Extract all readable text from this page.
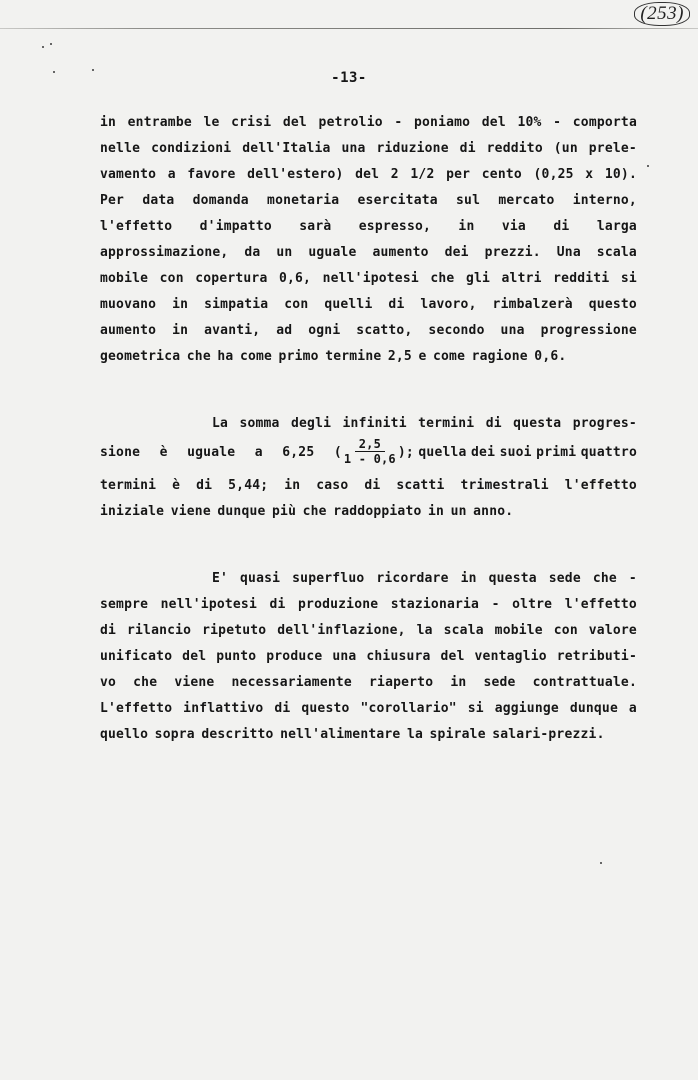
(253)
-13-
in entrambe le crisi del petrolio - poniamo del 10% - comporta
nelle condizioni dell'Italia una riduzione di reddito (un prele-
vamento a favore dell'estero) del 2 1/2 per cento (0,25 x 10).
Per data domanda monetaria esercitata sul mercato interno,
l'effetto d'impatto sarà espresso, in via di larga
approssimazione, da un uguale aumento dei prezzi. Una scala
mobile con copertura 0,6, nell'ipotesi che gli altri redditi si
muovano in simpatia con quelli di lavoro, rimbalzerà questo
aumento in avanti, ad ogni scatto, secondo una progressione
geometrica che ha come primo termine 2,5 e come ragione 0,6.
La somma degli infiniti termini di questa progres-
sione è uguale a 6,25 ( $\frac{2,5}{1 - 0,6}$ ); quella dei suoi primi quattro
termini è di 5,44; in caso di scatti trimestrali l'effetto
iniziale viene dunque più che raddoppiato in un anno.
E' quasi superfluo ricordare in questa sede che -
sempre nell'ipotesi di produzione stazionaria - oltre l'effetto
di rilancio ripetuto dell'inflazione, la scala mobile con valore
unificato del punto produce una chiusura del ventaglio retributi-
vo che viene necessariamente riaperto in sede contrattuale.
L'effetto inflattivo di questo "corollario" si aggiunge dunque a
quello sopra descritto nell'alimentare la spirale salari-prezzi.
